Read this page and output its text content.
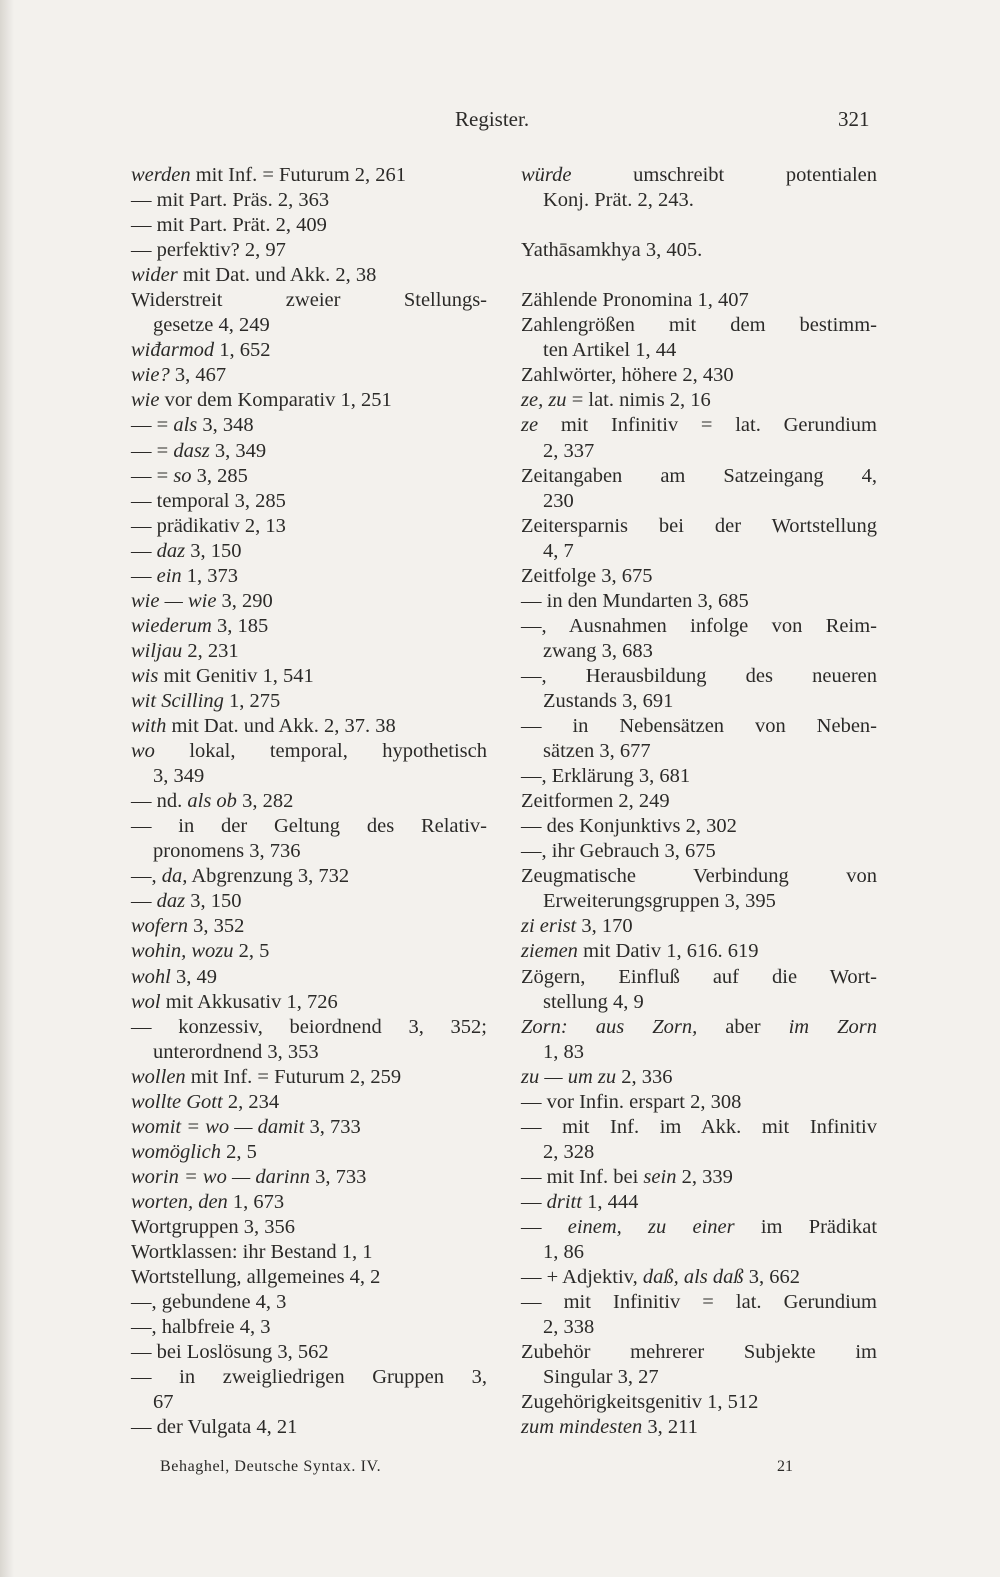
Register.	321
werden mit Inf. = Futurum 2, 261
— mit Part. Präs. 2, 363
— mit Part. Prät. 2, 409
— perfektiv? 2, 97
wider mit Dat. und Akk. 2, 38
Widerstreit zweier Stellungs-
gesetze 4, 249
wiđarmod 1, 652
wie? 3, 467
wie vor dem Komparativ 1, 251
— = als 3, 348
— = dasz 3, 349
— = so 3, 285
— temporal 3, 285
— prädikativ 2, 13
— daz 3, 150
— ein 1, 373
wie — wie 3, 290
wiederum 3, 185
wiljau 2, 231
wis mit Genitiv 1, 541
wit Scilling 1, 275
with mit Dat. und Akk. 2, 37. 38
wo lokal, temporal, hypothetisch
3, 349
— nd. als ob 3, 282
— in der Geltung des Relativ-
pronomens 3, 736
—, da, Abgrenzung 3, 732
— daz 3, 150
wofern 3, 352
wohin, wozu 2, 5
wohl 3, 49
wol mit Akkusativ 1, 726
— konzessiv, beiordnend 3, 352;
unterordnend 3, 353
wollen mit Inf. = Futurum 2, 259
wollte Gott 2, 234
womit = wo — damit 3, 733
womöglich 2, 5
worin = wo — darinn 3, 733
worten, den 1, 673
Wortgruppen 3, 356
Wortklassen: ihr Bestand 1, 1
Wortstellung, allgemeines 4, 2
—, gebundene 4, 3
—, halbfreie 4, 3
— bei Loslösung 3, 562
— in zweigliedrigen Gruppen 3,
67
— der Vulgata 4, 21
würde umschreibt potentialen
Konj. Prät. 2, 243.
Yathāsamkhya 3, 405.
Zählende Pronomina 1, 407
Zahlengrößen mit dem bestimm-
ten Artikel 1, 44
Zahlwörter, höhere 2, 430
ze, zu = lat. nimis 2, 16
ze mit Infinitiv = lat. Gerundium
2, 337
Zeitangaben am Satzeingang 4,
230
Zeitersparnis bei der Wortstellung
4, 7
Zeitfolge 3, 675
— in den Mundarten 3, 685
—, Ausnahmen infolge von Reim-
zwang 3, 683
—, Herausbildung des neueren
Zustands 3, 691
— in Nebensätzen von Neben-
sätzen 3, 677
—, Erklärung 3, 681
Zeitformen 2, 249
— des Konjunktivs 2, 302
—, ihr Gebrauch 3, 675
Zeugmatische Verbindung von
Erweiterungsgruppen 3, 395
zi erist 3, 170
ziemen mit Dativ 1, 616. 619
Zögern, Einfluß auf die Wort-
stellung 4, 9
Zorn: aus Zorn, aber im Zorn
1, 83
zu — um zu 2, 336
— vor Infin. erspart 2, 308
— mit Inf. im Akk. mit Infinitiv
2, 328
— mit Inf. bei sein 2, 339
— dritt 1, 444
— einem, zu einer im Prädikat
1, 86
— + Adjektiv, daß, als daß 3, 662
— mit Infinitiv = lat. Gerundium
2, 338
Zubehör mehrerer Subjekte im
Singular 3, 27
Zugehörigkeitsgenitiv 1, 512
zum mindesten 3, 211
Behaghel, Deutsche Syntax. IV.	21
